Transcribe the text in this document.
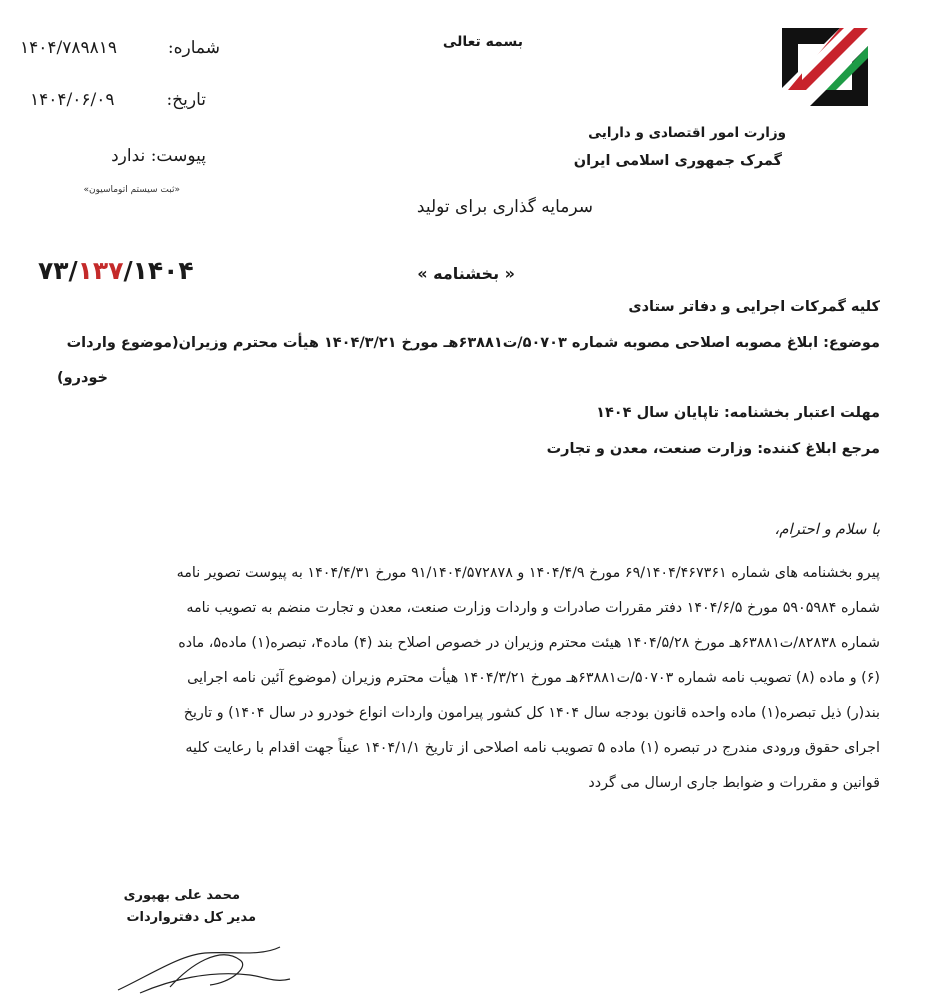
وزارت امور اقتصادی و دارایی
گمرک جمهوری اسلامی ایران
بسمه تعالی
شماره:
۱۴۰۴/۷۸۹۸۱۹
تاریخ:
۱۴۰۴/۰۶/۰۹
پیوست: ندارد
«ثبت سیستم اتوماسیون»
سرمایه گذاری برای تولید
« بخشنامه »
/۷۳۱۳۷۱۴۰۴/
کلیه گمرکات اجرایی و دفاتر ستادی
موضوع: ابلاغ مصوبه اصلاحی مصوبه شماره ۵۰۷۰۳/ت۶۳۸۸۱هـ مورخ ۱۴۰۴/۳/۲۱ هیأت محترم وزیران(موضوع واردات
خودرو)
مهلت اعتبار بخشنامه: تاپایان سال ۱۴۰۴
مرجع ابلاغ کننده: وزارت صنعت، معدن و تجارت
با سلام و احترام،
پیرو بخشنامه های شماره ۶۹/۱۴۰۴/۴۶۷۳۶۱ مورخ ۱۴۰۴/۴/۹ و ۹۱/۱۴۰۴/۵۷۲۸۷۸ مورخ ۱۴۰۴/۴/۳۱ به پیوست تصویر نامه
شماره ۵۹۰۵۹۸۴ مورخ ۱۴۰۴/۶/۵ دفتر مقررات صادرات و واردات وزارت صنعت، معدن و تجارت منضم به تصویب نامه
شماره ۸۲۸۳۸/ت۶۳۸۸۱هـ مورخ ۱۴۰۴/۵/۲۸ هیئت محترم وزیران در خصوص اصلاح بند (۴) ماده۴، تبصره(۱) ماده۵، ماده
(۶) و ماده (۸) تصویب نامه شماره ۵۰۷۰۳/ت۶۳۸۸۱هـ مورخ ۱۴۰۴/۳/۲۱ هیأت محترم وزیران (موضوع آئین نامه اجرایی
بند(ر) ذیل تبصره(۱) ماده واحده قانون بودجه سال ۱۴۰۴ کل کشور پیرامون واردات انواع خودرو در سال ۱۴۰۴) و تاریخ
اجرای حقوق ورودی مندرج در تبصره (۱) ماده ۵ تصویب نامه اصلاحی از تاریخ ۱۴۰۴/۱/۱ عیناً جهت اقدام با رعایت کلیه
قوانین و مقررات و ضوابط جاری ارسال می گردد
محمد علی بهپوری
مدیر کل دفترواردات
